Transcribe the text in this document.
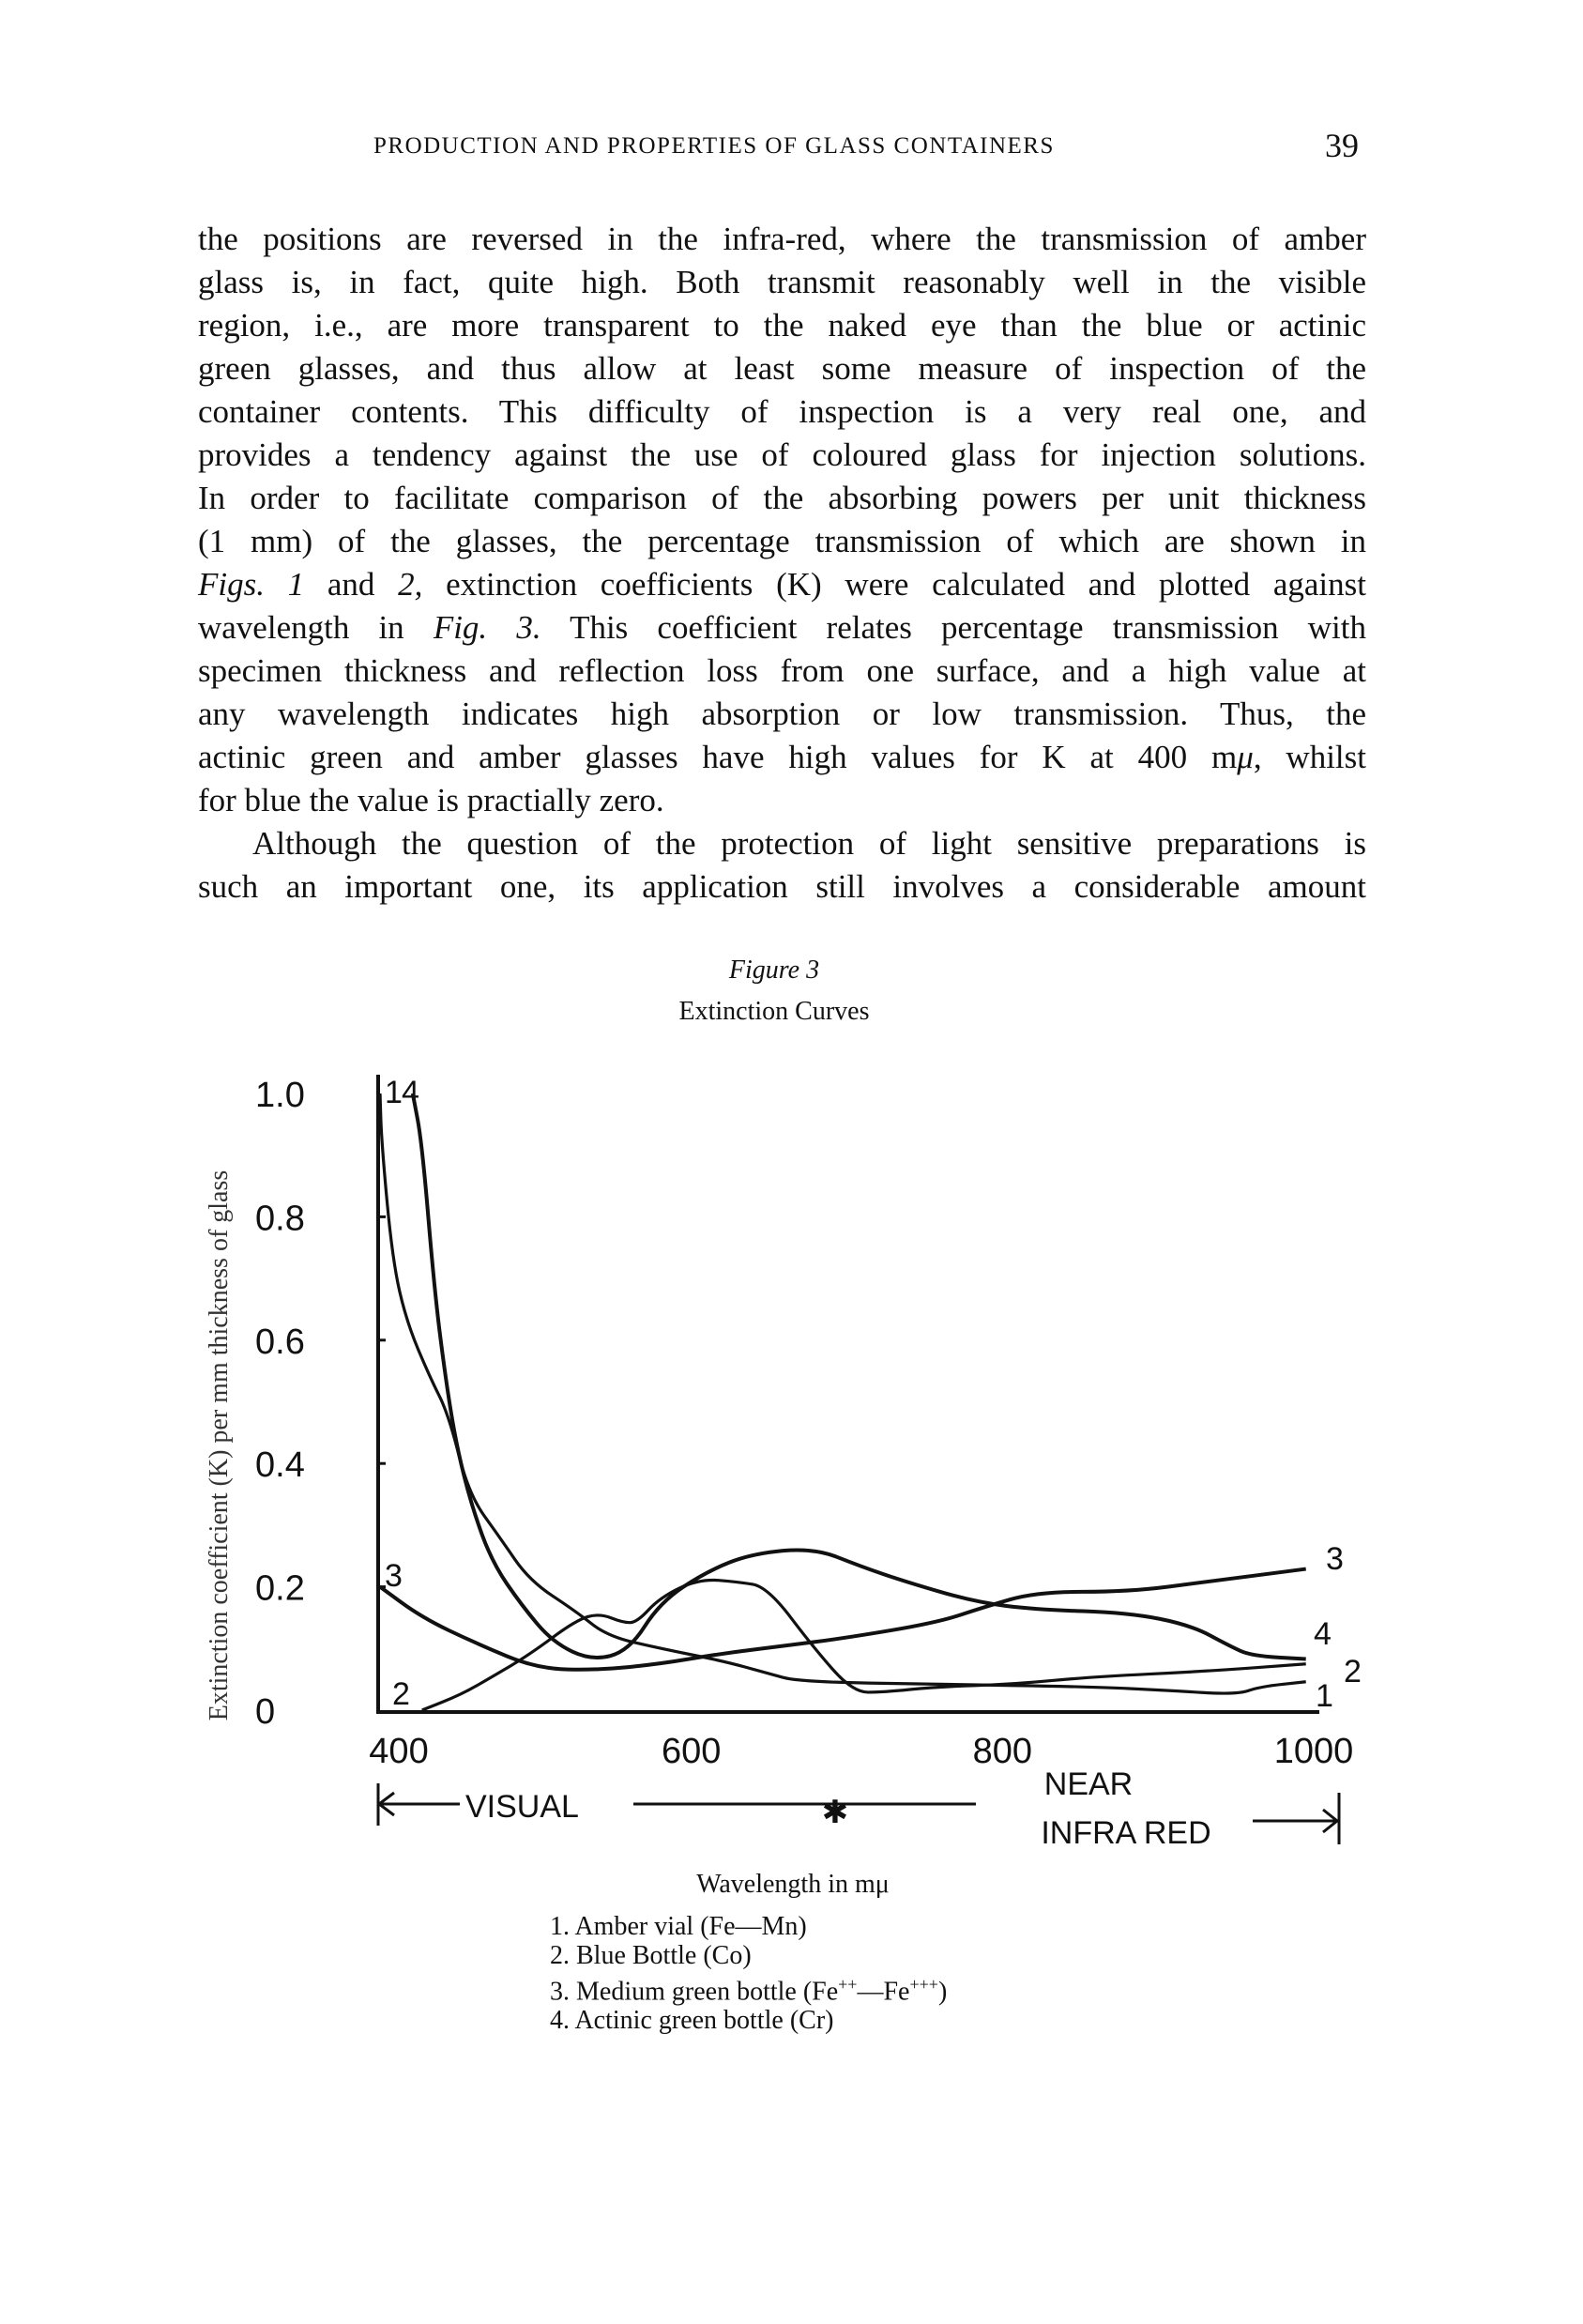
PRODUCTION AND PROPERTIES OF GLASS CONTAINERS	39
the positions are reversed in the infra-red, where the transmission of amber
glass is, in fact, quite high. Both transmit reasonably well in the visible
region, i.e., are more transparent to the naked eye than the blue or actinic
green glasses, and thus allow at least some measure of inspection of the
container contents. This difficulty of inspection is a very real one, and
provides a tendency against the use of coloured glass for injection solutions.
In order to facilitate comparison of the absorbing powers per unit thickness
(1 mm) of the glasses, the percentage transmission of which are shown in
Figs. 1 and 2, extinction coefficients (K) were calculated and plotted against
wavelength in Fig. 3. This coefficient relates percentage transmission with
specimen thickness and reflection loss from one surface, and a high value at
any wavelength indicates high absorption or low transmission. Thus, the
actinic green and amber glasses have high values for K at 400 mμ, whilst
for blue the value is practially zero.
Although the question of the protection of light sensitive preparations is
such an important one, its application still involves a considerable amount
Figure 3
Extinction Curves
Extinction coefficient (K) per mm thickness of glass
Wavelength in mμ
1. Amber vial (Fe—Mn)
2. Blue Bottle (Co)
3. Medium green bottle (Fe++—Fe+++)
4. Actinic green bottle (Cr)
400	600	800	1000
1.0
0.8
0.6
0.4
0.2
0
1
1
2
2
3	3
4
4
VISUAL	✱
NEAR
INFRA RED
